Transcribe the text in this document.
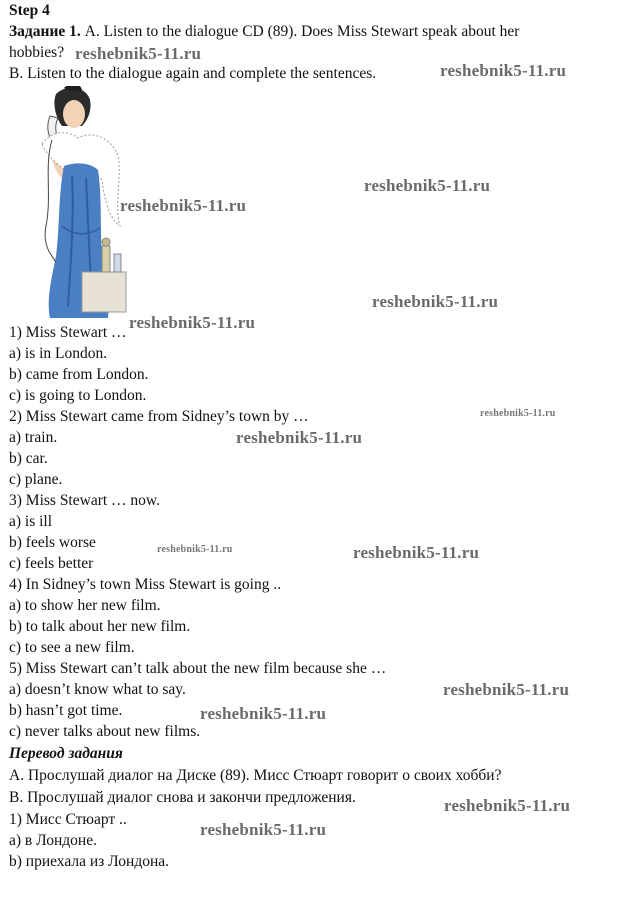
Step 4
Задание 1. A. Listen to the dialogue CD (89). Does Miss Stewart speak about her
hobbies?
B. Listen to the dialogue again and complete the sentences.
1) Miss Stewart …
a) is in London.
b) came from London.
c) is going to London.
2) Miss Stewart came from Sidney’s town by …
a) train.
b) car.
c) plane.
3) Miss Stewart … now.
a) is ill
b) feels worse
c) feels better
4) In Sidney’s town Miss Stewart is going ..
a) to show her new film.
b) to talk about her new film.
c) to see a new film.
5) Miss Stewart can’t talk about the new film because she …
a) doesn’t know what to say.
b) hasn’t got time.
c) never talks about new films.
Перевод задания
А. Прослушай диалог на Диске (89). Мисс Стюарт говорит о своих хобби?
В. Прослушай диалог снова и закончи предложения.
1) Мисс Стюарт ..
а) в Лондоне.
b) приехала из Лондона.
reshebnik5-11.ru
reshebnik5-11.ru
reshebnik5-11.ru
reshebnik5-11.ru
reshebnik5-11.ru
reshebnik5-11.ru
reshebnik5-11.ru
reshebnik5-11.ru
reshebnik5-11.ru	reshebnik5-11.ru
reshebnik5-11.ru
reshebnik5-11.ru
reshebnik5-11.ru
reshebnik5-11.ru
